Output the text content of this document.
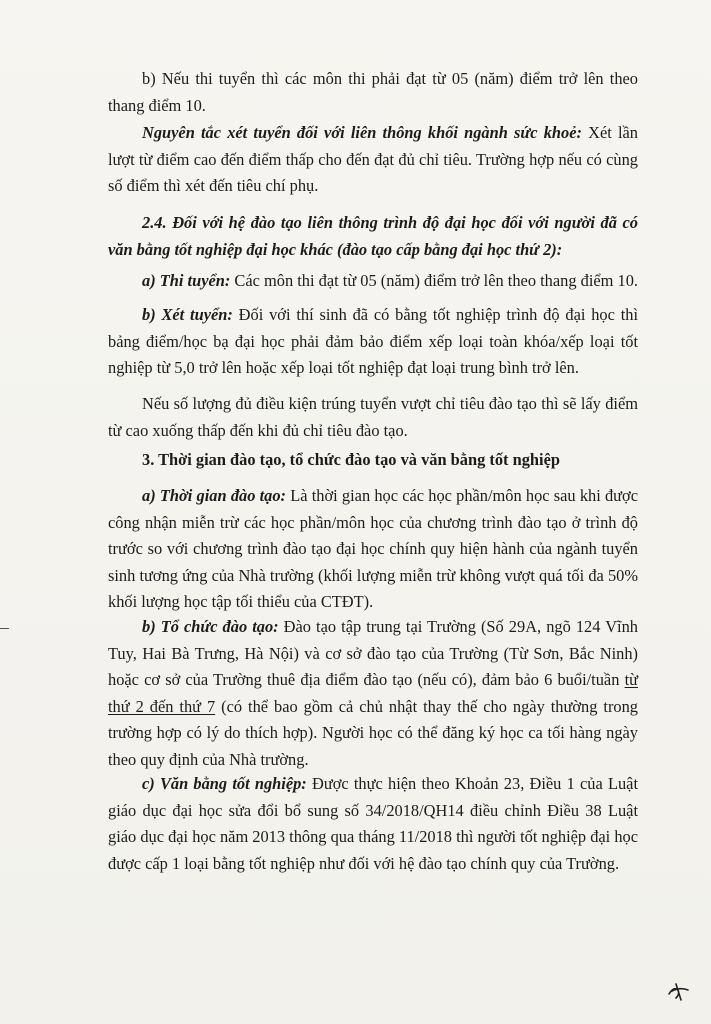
b) Nếu thi tuyển thì các môn thi phải đạt từ 05 (năm) điểm trở lên theo thang điểm 10.

Nguyên tắc xét tuyển đối với liên thông khối ngành sức khoẻ: Xét lần lượt từ điểm cao đến điểm thấp cho đến đạt đủ chỉ tiêu. Trường hợp nếu có cùng số điểm thì xét đến tiêu chí phụ.

2.4. Đối với hệ đào tạo liên thông trình độ đại học đối với người đã có văn bằng tốt nghiệp đại học khác (đào tạo cấp bằng đại học thứ 2):

a) Thi tuyển: Các môn thi đạt từ 05 (năm) điểm trở lên theo thang điểm 10.

b) Xét tuyển: Đối với thí sinh đã có bằng tốt nghiệp trình độ đại học thì bảng điểm/học bạ đại học phải đảm bảo điểm xếp loại toàn khóa/xếp loại tốt nghiệp từ 5,0 trở lên hoặc xếp loại tốt nghiệp đạt loại trung bình trở lên.

Nếu số lượng đủ điều kiện trúng tuyển vượt chỉ tiêu đào tạo thì sẽ lấy điểm từ cao xuống thấp đến khi đủ chỉ tiêu đào tạo.

3. Thời gian đào tạo, tổ chức đào tạo và văn bằng tốt nghiệp

a) Thời gian đào tạo: Là thời gian học các học phần/môn học sau khi được công nhận miễn trừ các học phần/môn học của chương trình đào tạo ở trình độ trước so với chương trình đào tạo đại học chính quy hiện hành của ngành tuyển sinh tương ứng của Nhà trường (khối lượng miễn trừ không vượt quá tối đa 50% khối lượng học tập tối thiểu của CTĐT).

b) Tổ chức đào tạo: Đào tạo tập trung tại Trường (Số 29A, ngõ 124 Vĩnh Tuy, Hai Bà Trưng, Hà Nội) và cơ sở đào tạo của Trường (Từ Sơn, Bắc Ninh) hoặc cơ sở của Trường thuê địa điểm đào tạo (nếu có), đảm bảo 6 buổi/tuần từ thứ 2 đến thứ 7 (có thể bao gồm cả chủ nhật thay thế cho ngày thường trong trường hợp có lý do thích hợp). Người học có thể đăng ký học ca tối hàng ngày theo quy định của Nhà trường.

c) Văn bằng tốt nghiệp: Được thực hiện theo Khoản 23, Điều 1 của Luật giáo dục đại học sửa đổi bổ sung số 34/2018/QH14 điều chỉnh Điều 38 Luật giáo dục đại học năm 2013 thông qua tháng 11/2018 thì người tốt nghiệp đại học được cấp 1 loại bằng tốt nghiệp như đối với hệ đào tạo chính quy của Trường.
